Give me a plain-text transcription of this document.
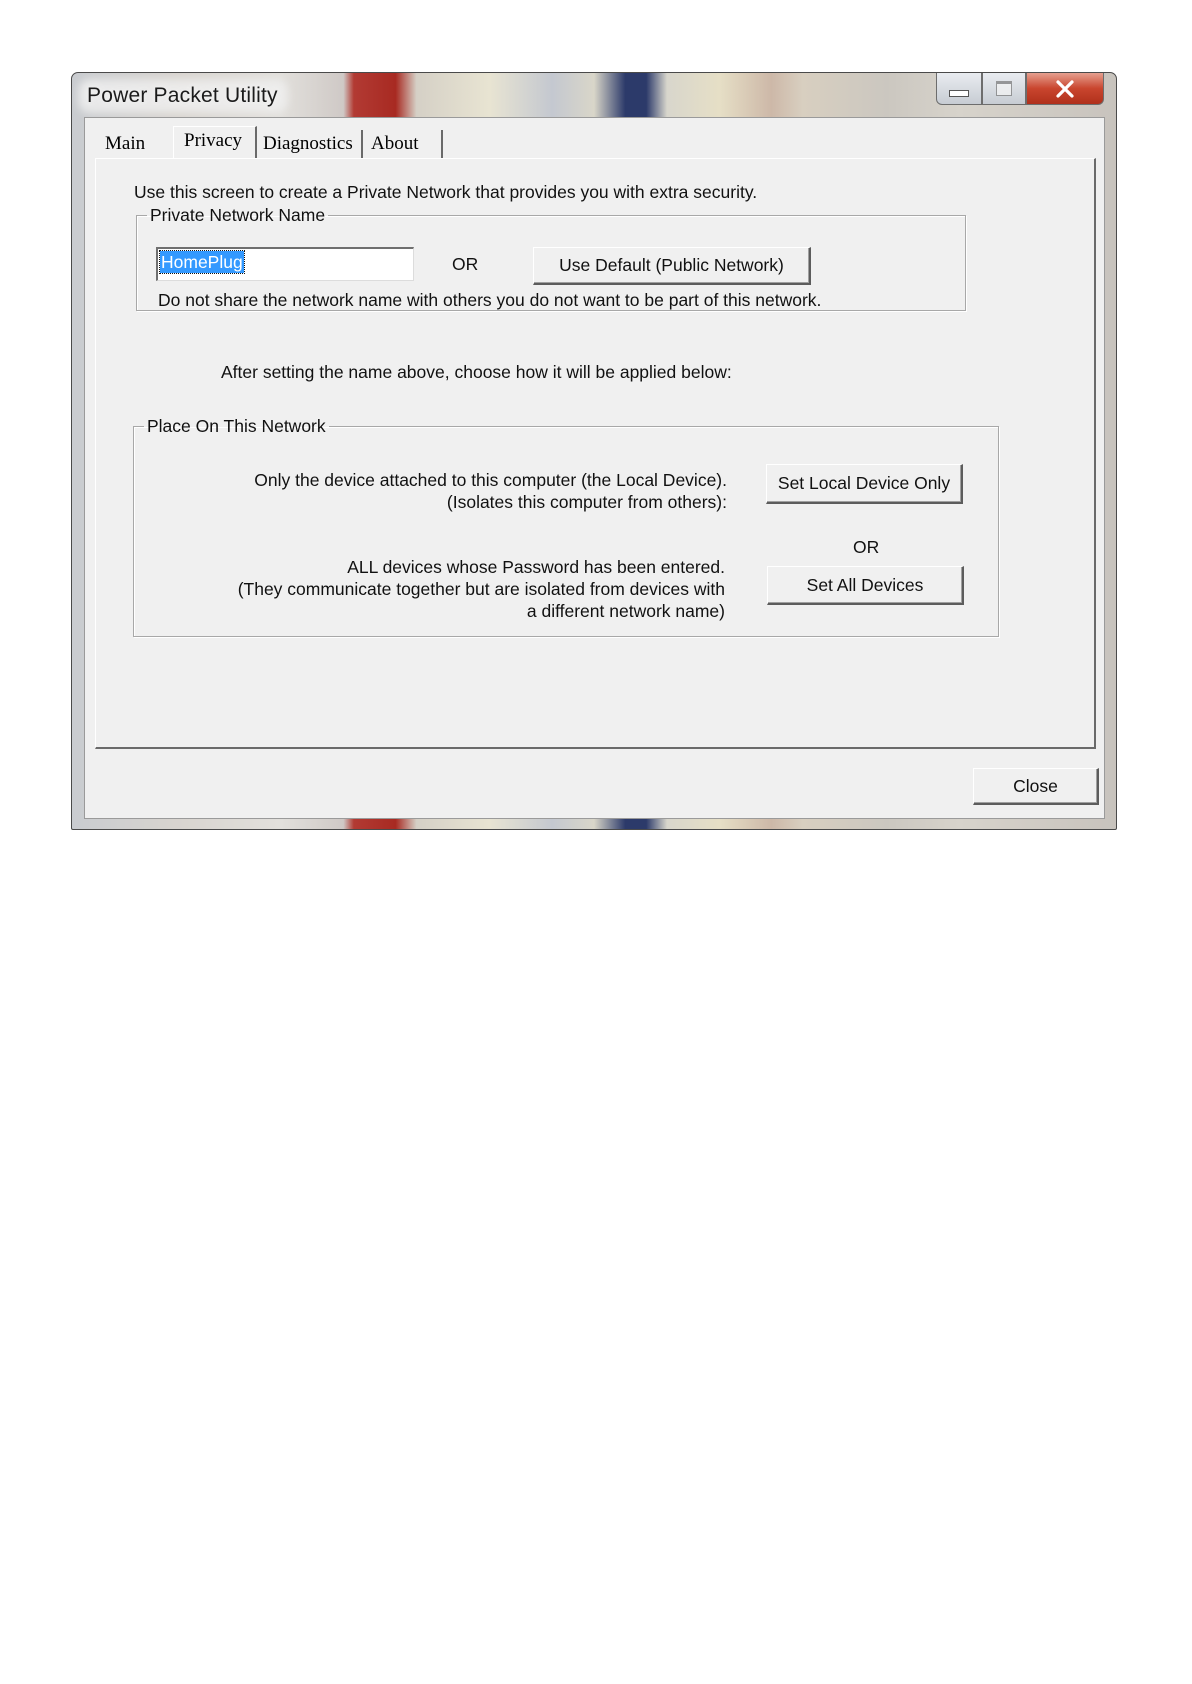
Power Packet Utility
Main	Privacy	Diagnostics About
Use this screen to create a Private Network that provides you with extra security.
Private Network Name
HomePlug	OR	Use Default (Public Network)
Do not share the network name with others you do not want to be part of this network.
After setting the name above, choose how it will be applied below:
Place On This Network
Only the device attached to this computer (the Local Device).
(Isolates this computer from others):
Set Local Device Only
OR
ALL devices whose Password has been entered.
(They communicate together but are isolated from devices with
a different network name)
Set All Devices
Close
